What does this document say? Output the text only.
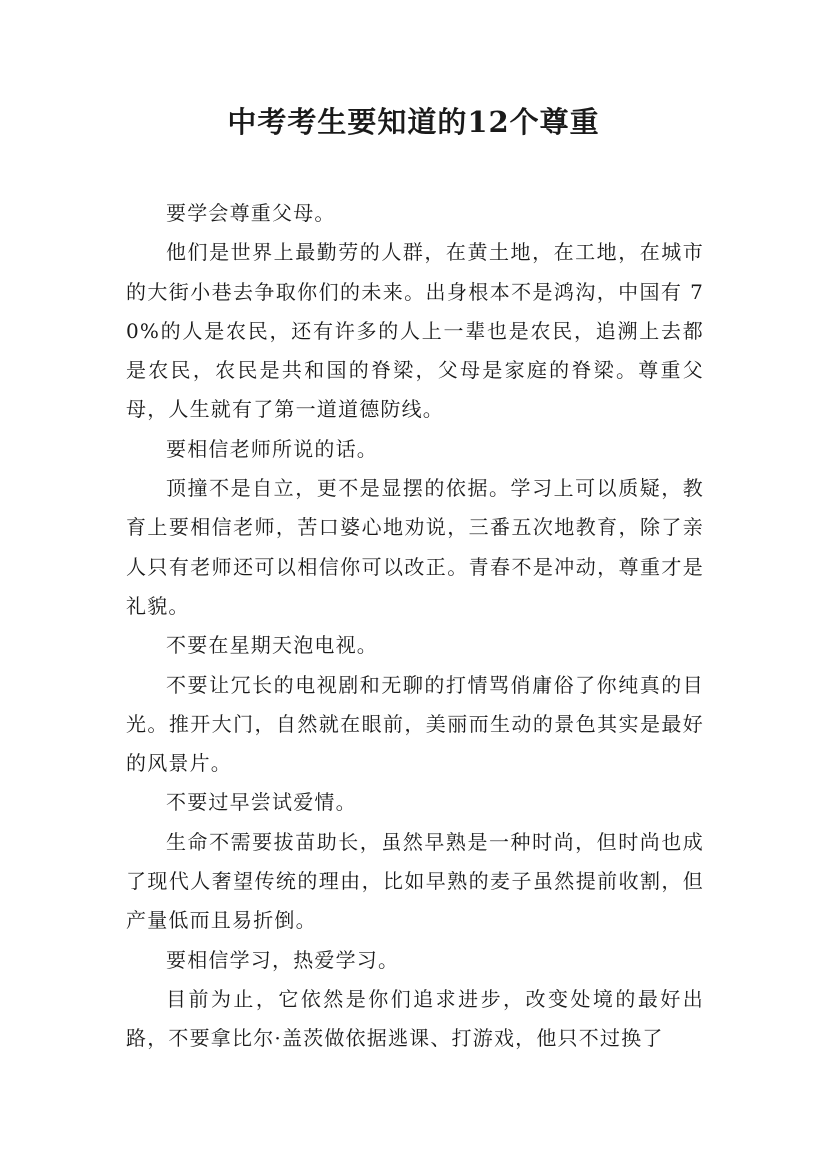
中考考生要知道的12个尊重

要学会尊重父母。

他们是世界上最勤劳的人群，在黄土地，在工地，在城市的大街小巷去争取你们的未来。出身根本不是鸿沟，中国有 70%的人是农民，还有许多的人上一辈也是农民，追溯上去都是农民，农民是共和国的脊梁，父母是家庭的脊梁。尊重父母，人生就有了第一道道德防线。

要相信老师所说的话。

顶撞不是自立，更不是显摆的依据。学习上可以质疑，教育上要相信老师，苦口婆心地劝说，三番五次地教育，除了亲人只有老师还可以相信你可以改正。青春不是冲动，尊重才是礼貌。

不要在星期天泡电视。

不要让冗长的电视剧和无聊的打情骂俏庸俗了你纯真的目光。推开大门，自然就在眼前，美丽而生动的景色其实是最好的风景片。

不要过早尝试爱情。

生命不需要拔苗助长，虽然早熟是一种时尚，但时尚也成了现代人奢望传统的理由，比如早熟的麦子虽然提前收割，但产量低而且易折倒。

要相信学习，热爱学习。

目前为止，它依然是你们追求进步，改变处境的最好出路，不要拿比尔·盖茨做依据逃课、打游戏，他只不过换了
